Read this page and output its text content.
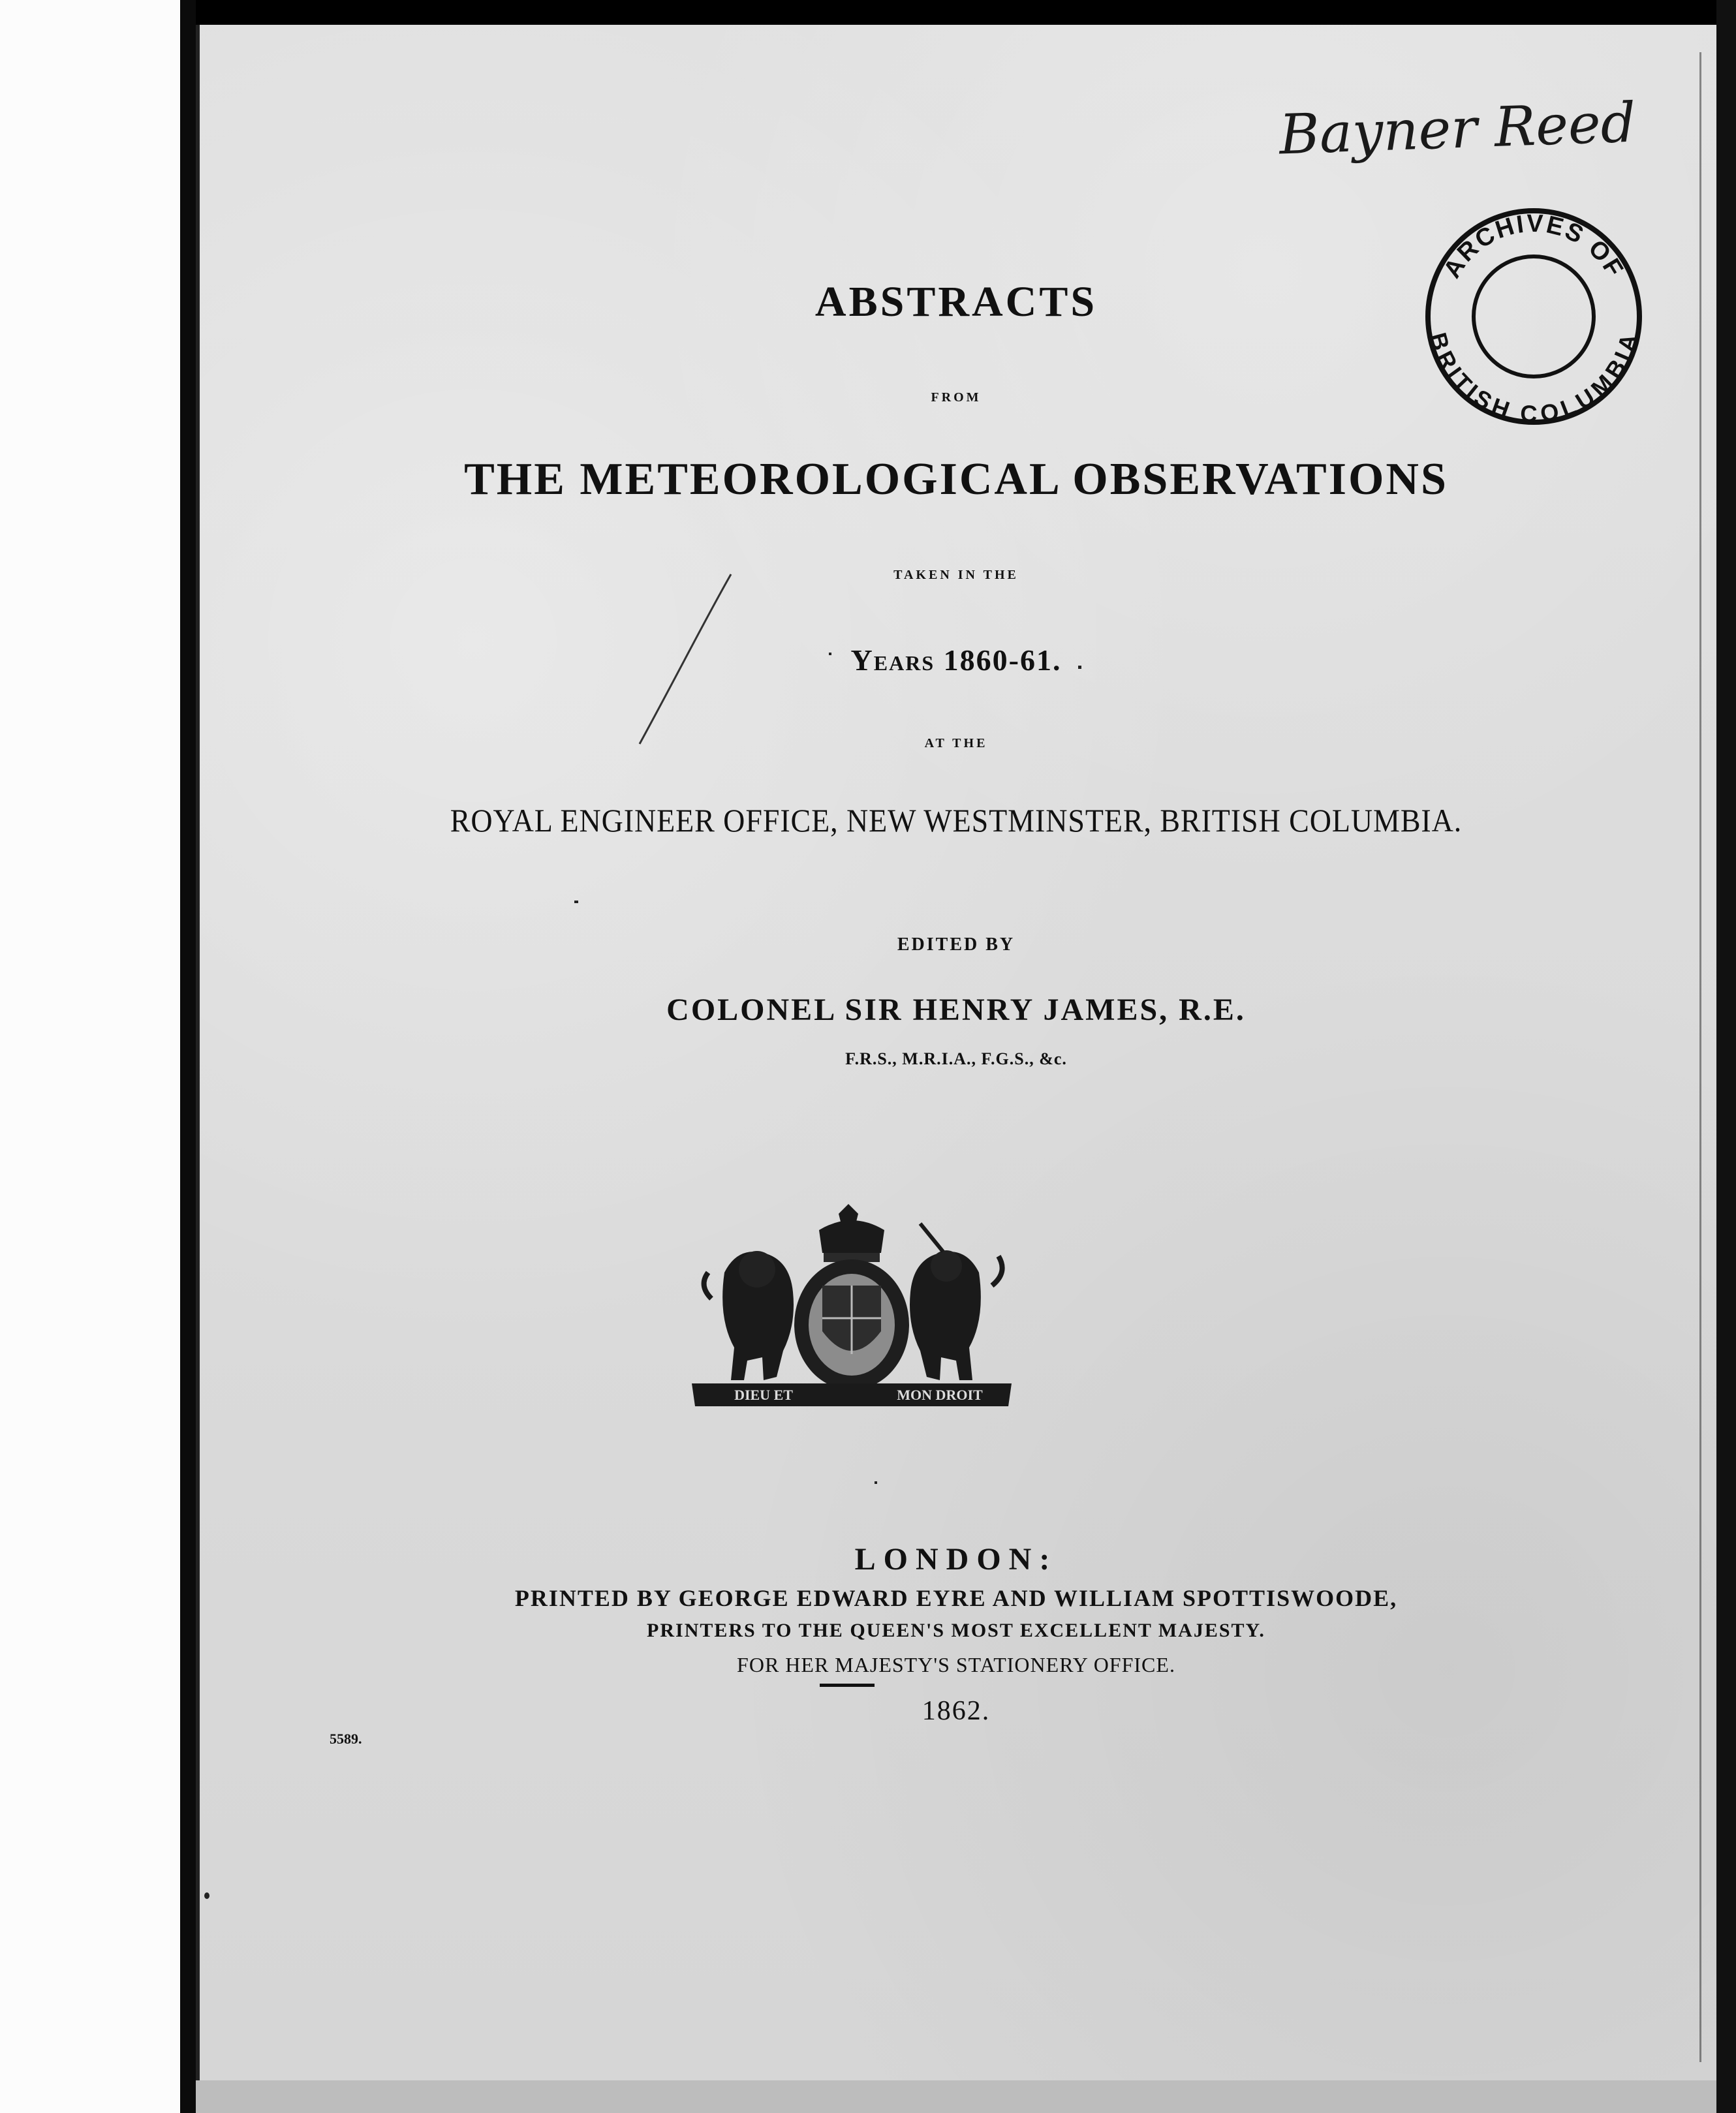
ABSTRACTS
FROM
THE METEOROLOGICAL OBSERVATIONS
TAKEN IN THE
Years 1860-61.
AT THE
ROYAL ENGINEER OFFICE, NEW WESTMINSTER, BRITISH COLUMBIA.
EDITED BY
COLONEL SIR HENRY JAMES, R.E.
F.R.S., M.R.I.A., F.G.S., &c.
DIEU ET	MON DROIT
Bayner Reed
ARCHIVES OF
BRITISH COLUMBIA
LONDON:
PRINTED BY GEORGE EDWARD EYRE AND WILLIAM SPOTTISWOODE,
PRINTERS TO THE QUEEN'S MOST EXCELLENT MAJESTY.
FOR HER MAJESTY'S STATIONERY OFFICE.
1862.
5589.
